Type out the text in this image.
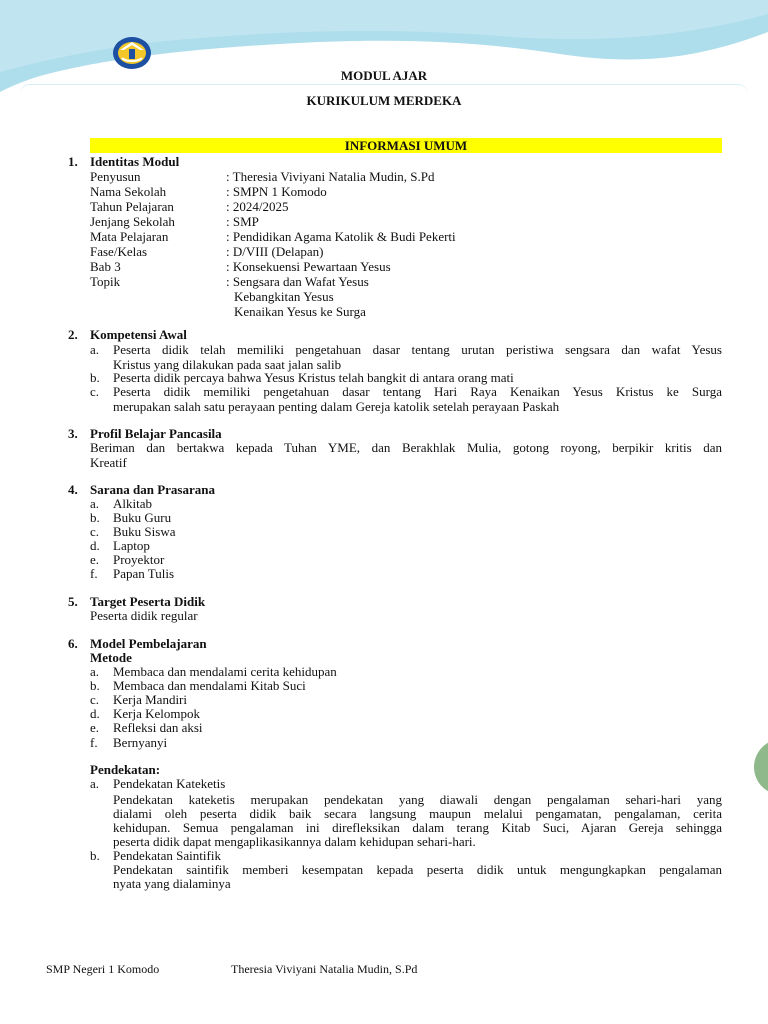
MODUL AJAR
KURIKULUM MERDEKA
INFORMASI UMUM
1. Identitas Modul
Penyusun	: Theresia Viviyani Natalia Mudin, S.Pd
Nama Sekolah	: SMPN 1 Komodo
Tahun Pelajaran	: 2024/2025
Jenjang Sekolah	: SMP
Mata Pelajaran	: Pendidikan Agama Katolik & Budi Pekerti
Fase/Kelas	: D/VIII (Delapan)
Bab 3	: Konsekuensi Pewartaan Yesus
Topik	: Sengsara dan Wafat Yesus
Kebangkitan Yesus
Kenaikan Yesus ke Surga
2. Kompetensi Awal
a. Peserta didik telah memiliki pengetahuan dasar tentang urutan peristiwa sengsara dan wafat Yesus
Kristus yang dilakukan pada saat jalan salib
b. Peserta didik percaya bahwa Yesus Kristus telah bangkit di antara orang mati
c. Peserta didik memiliki pengetahuan dasar tentang Hari Raya Kenaikan Yesus Kristus ke Surga
merupakan salah satu perayaan penting dalam Gereja katolik setelah perayaan Paskah
3. Profil Belajar Pancasila
Beriman dan bertakwa kepada Tuhan YME, dan Berakhlak Mulia, gotong royong, berpikir kritis dan
Kreatif
4. Sarana dan Prasarana
a. Alkitab
b. Buku Guru
c. Buku Siswa
d. Laptop
e. Proyektor
f. Papan Tulis
5. Target Peserta Didik
Peserta didik regular
6. Model Pembelajaran
Metode
a. Membaca dan mendalami cerita kehidupan
b. Membaca dan mendalami Kitab Suci
c. Kerja Mandiri
d. Kerja Kelompok
e. Refleksi dan aksi
f. Bernyanyi
Pendekatan:
a. Pendekatan Kateketis
Pendekatan kateketis merupakan pendekatan yang diawali dengan pengalaman sehari-hari yang
dialami oleh peserta didik baik secara langsung maupun melalui pengamatan, pengalaman, cerita
kehidupan. Semua pengalaman ini direfleksikan dalam terang Kitab Suci, Ajaran Gereja sehingga
peserta didik dapat mengaplikasikannya dalam kehidupan sehari-hari.
b. Pendekatan Saintifik
Pendekatan saintifik memberi kesempatan kepada peserta didik untuk mengungkapkan pengalaman
nyata yang dialaminya
SMP Negeri 1 Komodo	Theresia Viviyani Natalia Mudin, S.Pd
